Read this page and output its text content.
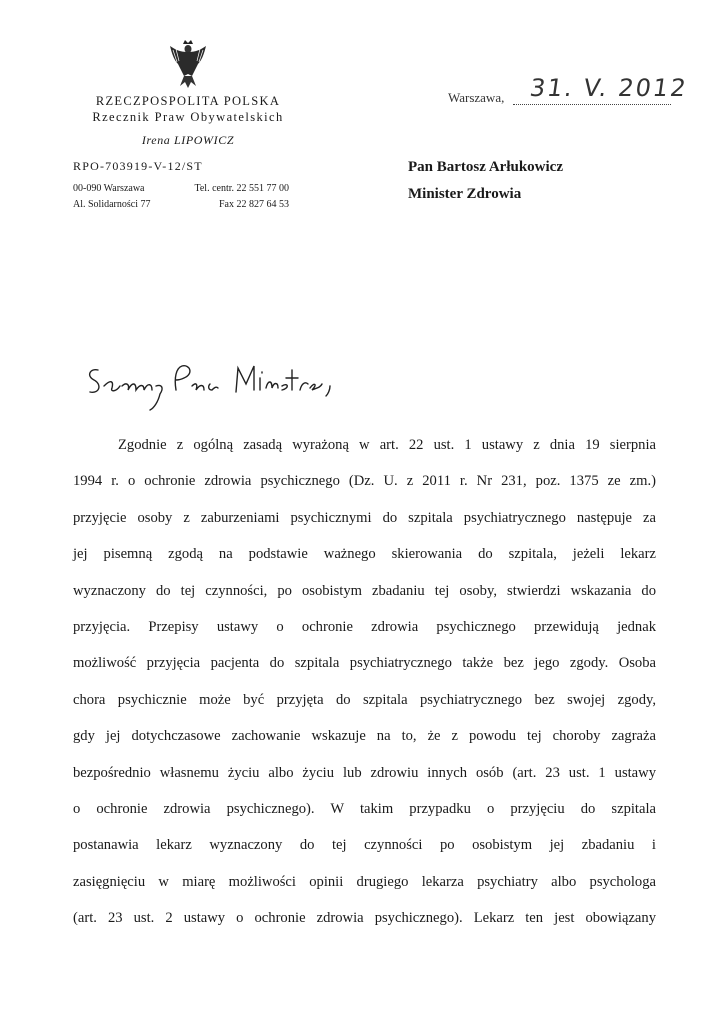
RZECZPOSPOLITA POLSKA
Rzecznik Praw Obywatelskich
Irena LIPOWICZ
RPO-703919-V-12/ST
00-090 Warszawa
Al. Solidarności 77
Tel. centr. 22 551 77 00
Fax 22 827 64 53
Warszawa, 31. V. 2012
Pan Bartosz Arłukowicz
Minister Zdrowia
Zgodnie z ogólną zasadą wyrażoną w art. 22 ust. 1 ustawy z dnia 19 sierpnia
1994 r. o ochronie zdrowia psychicznego (Dz. U. z 2011 r. Nr 231, poz. 1375 ze zm.)
przyjęcie osoby z zaburzeniami psychicznymi do szpitala psychiatrycznego następuje za
jej pisemną zgodą na podstawie ważnego skierowania do szpitala, jeżeli lekarz
wyznaczony do tej czynności, po osobistym zbadaniu tej osoby, stwierdzi wskazania do
przyjęcia. Przepisy ustawy o ochronie zdrowia psychicznego przewidują jednak
możliwość przyjęcia pacjenta do szpitala psychiatrycznego także bez jego zgody. Osoba
chora psychicznie może być przyjęta do szpitala psychiatrycznego bez swojej zgody,
gdy jej dotychczasowe zachowanie wskazuje na to, że z powodu tej choroby zagraża
bezpośrednio własnemu życiu albo życiu lub zdrowiu innych osób (art. 23 ust. 1 ustawy
o ochronie zdrowia psychicznego). W takim przypadku o przyjęciu do szpitala
postanawia lekarz wyznaczony do tej czynności po osobistym jej zbadaniu i
zasięgnięciu w miarę możliwości opinii drugiego lekarza psychiatry albo psychologa
(art. 23 ust. 2 ustawy o ochronie zdrowia psychicznego). Lekarz ten jest obowiązany
